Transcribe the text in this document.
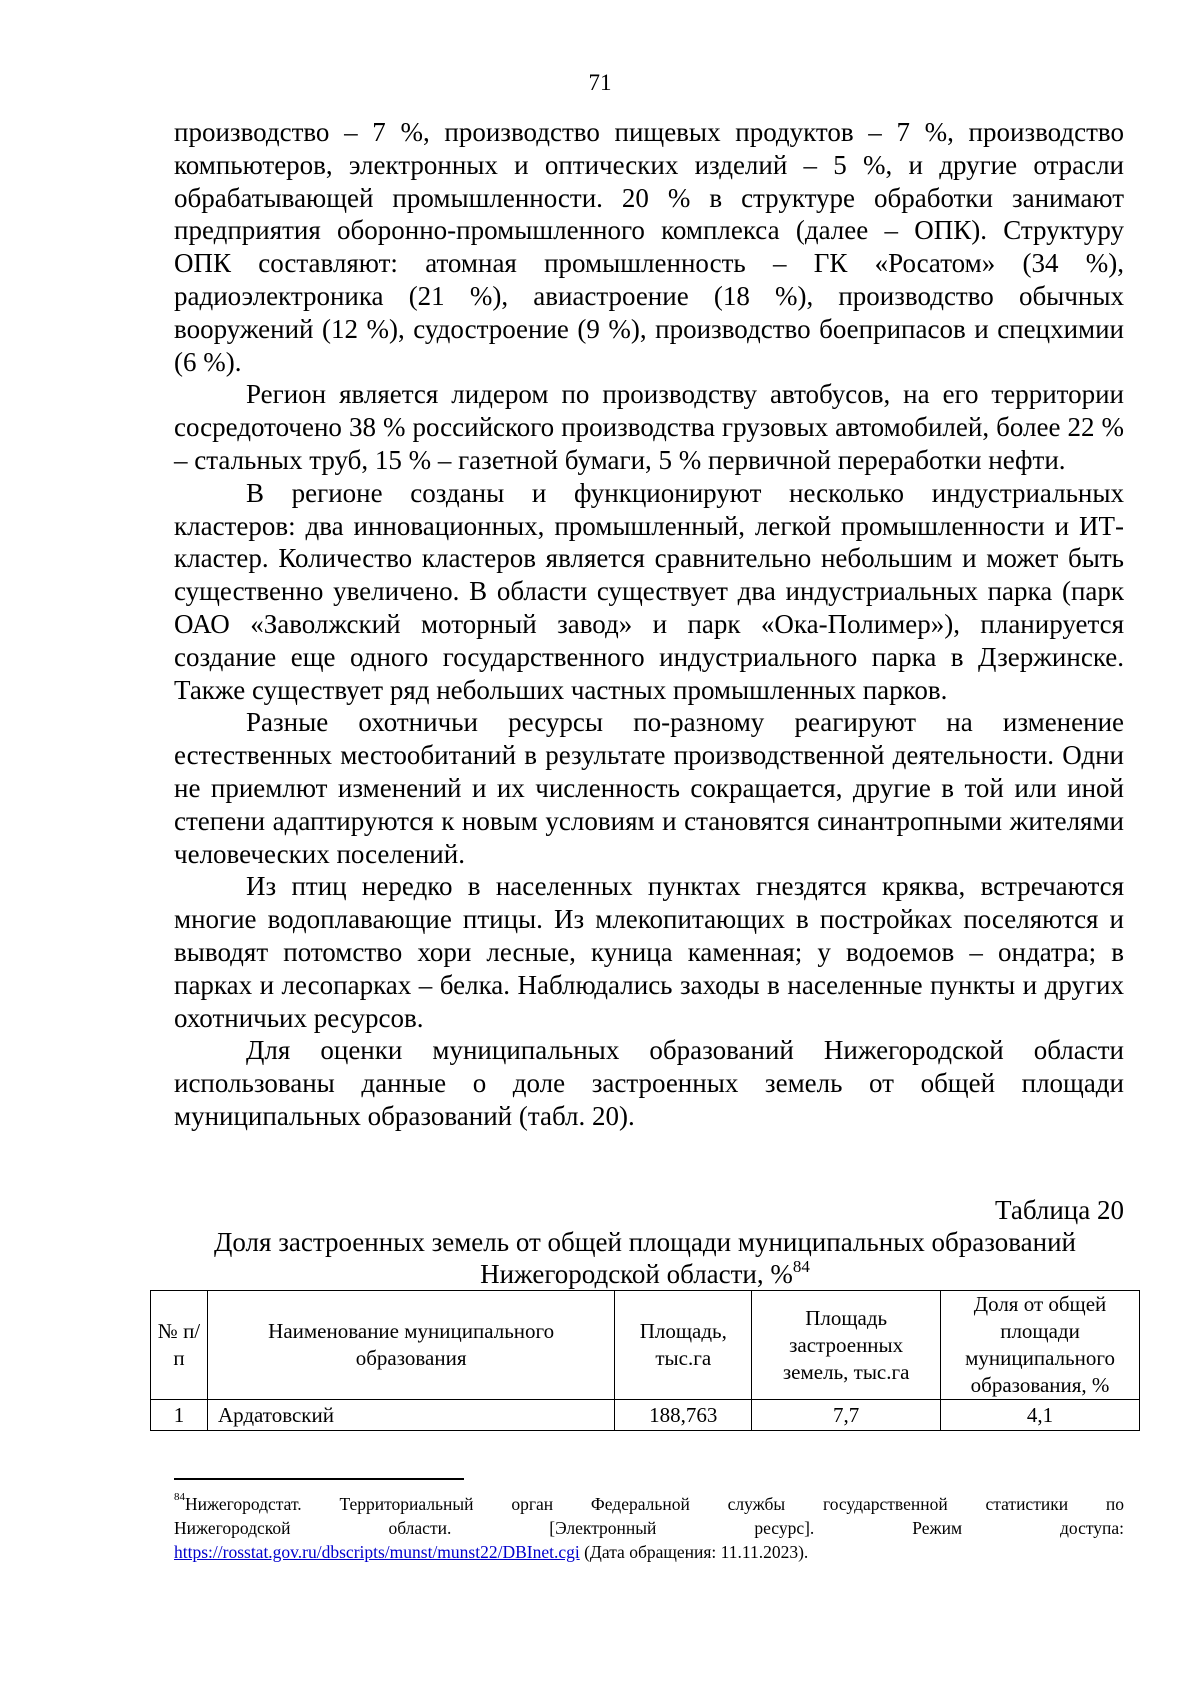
71

производство – 7 %, производство пищевых продуктов – 7 %, производство компьютеров, электронных и оптических изделий – 5 %, и другие отрасли обрабатывающей промышленности. 20 % в структуре обработки занимают предприятия оборонно-промышленного комплекса (далее – ОПК). Структуру ОПК составляют: атомная промышленность – ГК «Росатом» (34 %), радиоэлектроника (21 %), авиастроение (18 %), производство обычных вооружений (12 %), судостроение (9 %), производство боеприпасов и спецхимии (6 %).

Регион является лидером по производству автобусов, на его территории сосредоточено 38 % российского производства грузовых автомобилей, более 22 % – стальных труб, 15 % – газетной бумаги, 5 % первичной переработки нефти.

В регионе созданы и функционируют несколько индустриальных кластеров: два инновационных, промышленный, легкой промышленности и ИТ-кластер. Количество кластеров является сравнительно небольшим и может быть существенно увеличено. В области существует два индустриальных парка (парк ОАО «Заволжский моторный завод» и парк «Ока-Полимер»), планируется создание еще одного государственного индустриального парка в Дзержинске. Также существует ряд небольших частных промышленных парков.

Разные охотничьи ресурсы по-разному реагируют на изменение естественных местообитаний в результате производственной деятельности. Одни не приемлют изменений и их численность сокращается, другие в той или иной степени адаптируются к новым условиям и становятся синантропными жителями человеческих поселений.

Из птиц нередко в населенных пунктах гнездятся кряква, встречаются многие водоплавающие птицы. Из млекопитающих в постройках поселяются и выводят потомство хори лесные, куница каменная; у водоемов – ондатра; в парках и лесопарках – белка. Наблюдались заходы в населенные пункты и других охотничьих ресурсов.

Для оценки муниципальных образований Нижегородской области использованы данные о доле застроенных земель от общей площади муниципальных образований (табл. 20).

Таблица 20
Доля застроенных земель от общей площади муниципальных образований
Нижегородской области, %$^{84}$
№ п/п	Наименование муниципального образования	Площадь, тыс.га	Площадь застроенных земель, тыс.га	Доля от общей площади муниципального образования, %
1	Ардатовский	188,763	7,7	4,1
$^{84}$Нижегородстат. Территориальный орган Федеральной службы государственной статистики по
Нижегородской области. [Электронный ресурс]. Режим доступа:
https://rosstat.gov.ru/dbscripts/munst/munst22/DBInet.cgi (Дата обращения: 11.11.2023).
